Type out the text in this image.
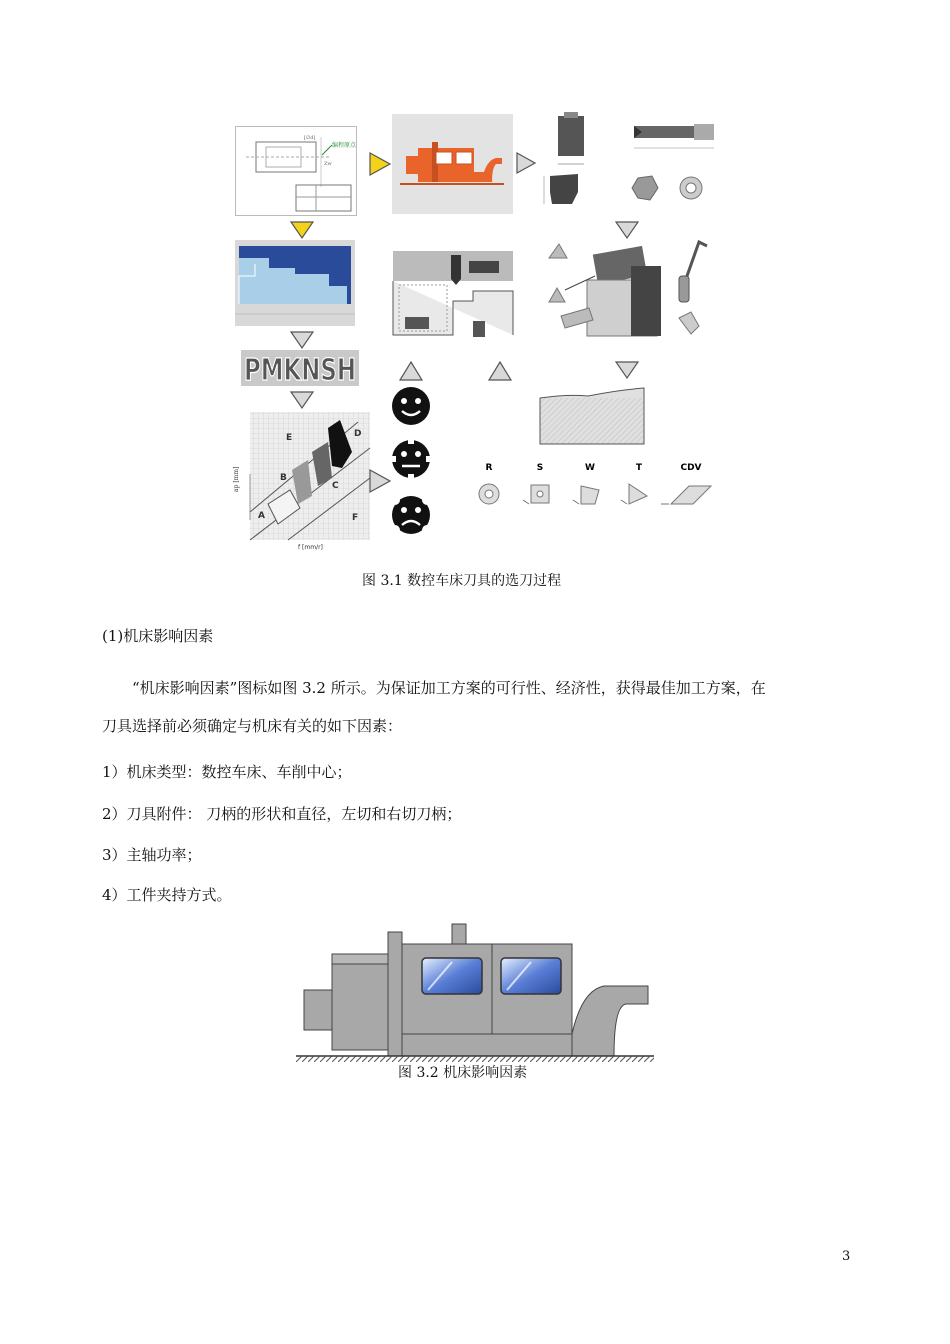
编程原点
[∅d]
Zw
PMKNSH
A
B
C
D
E
F
ap [mm]
f [mm/r]
R	S	W	T	CDV
图 3.1 数控车床刀具的选刀过程
(1)机床影响因素
“机床影响因素”图标如图 3.2 所示。为保证加工方案的可行性、经济性，获得最佳加工方案，在
刀具选择前必须确定与机床有关的如下因素：
1）机床类型：数控车床、车削中心；
2）刀具附件： 刀柄的形状和直径，左切和右切刀柄；
3）主轴功率；
4）工件夹持方式。
图 3.2 机床影响因素
3
